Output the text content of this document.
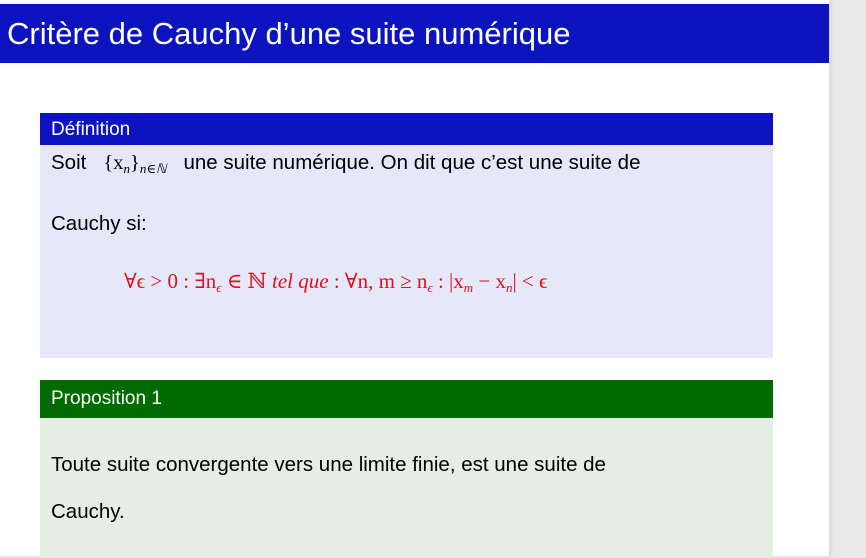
Critère de Cauchy d’une suite numérique
Définition
Soit $\{x_n\}_{n\in ℕ}$ une suite numérique. On dit que c’est une suite de
Cauchy si:
∀ϵ > 0 : $\exists n_\epsilon$ ∈ ℕ tel que : ∀n, $m \ge n_\epsilon$ : $|x_m - x_n| < \epsilon$
Proposition 1
Toute suite convergente vers une limite finie, est une suite de
Cauchy.
